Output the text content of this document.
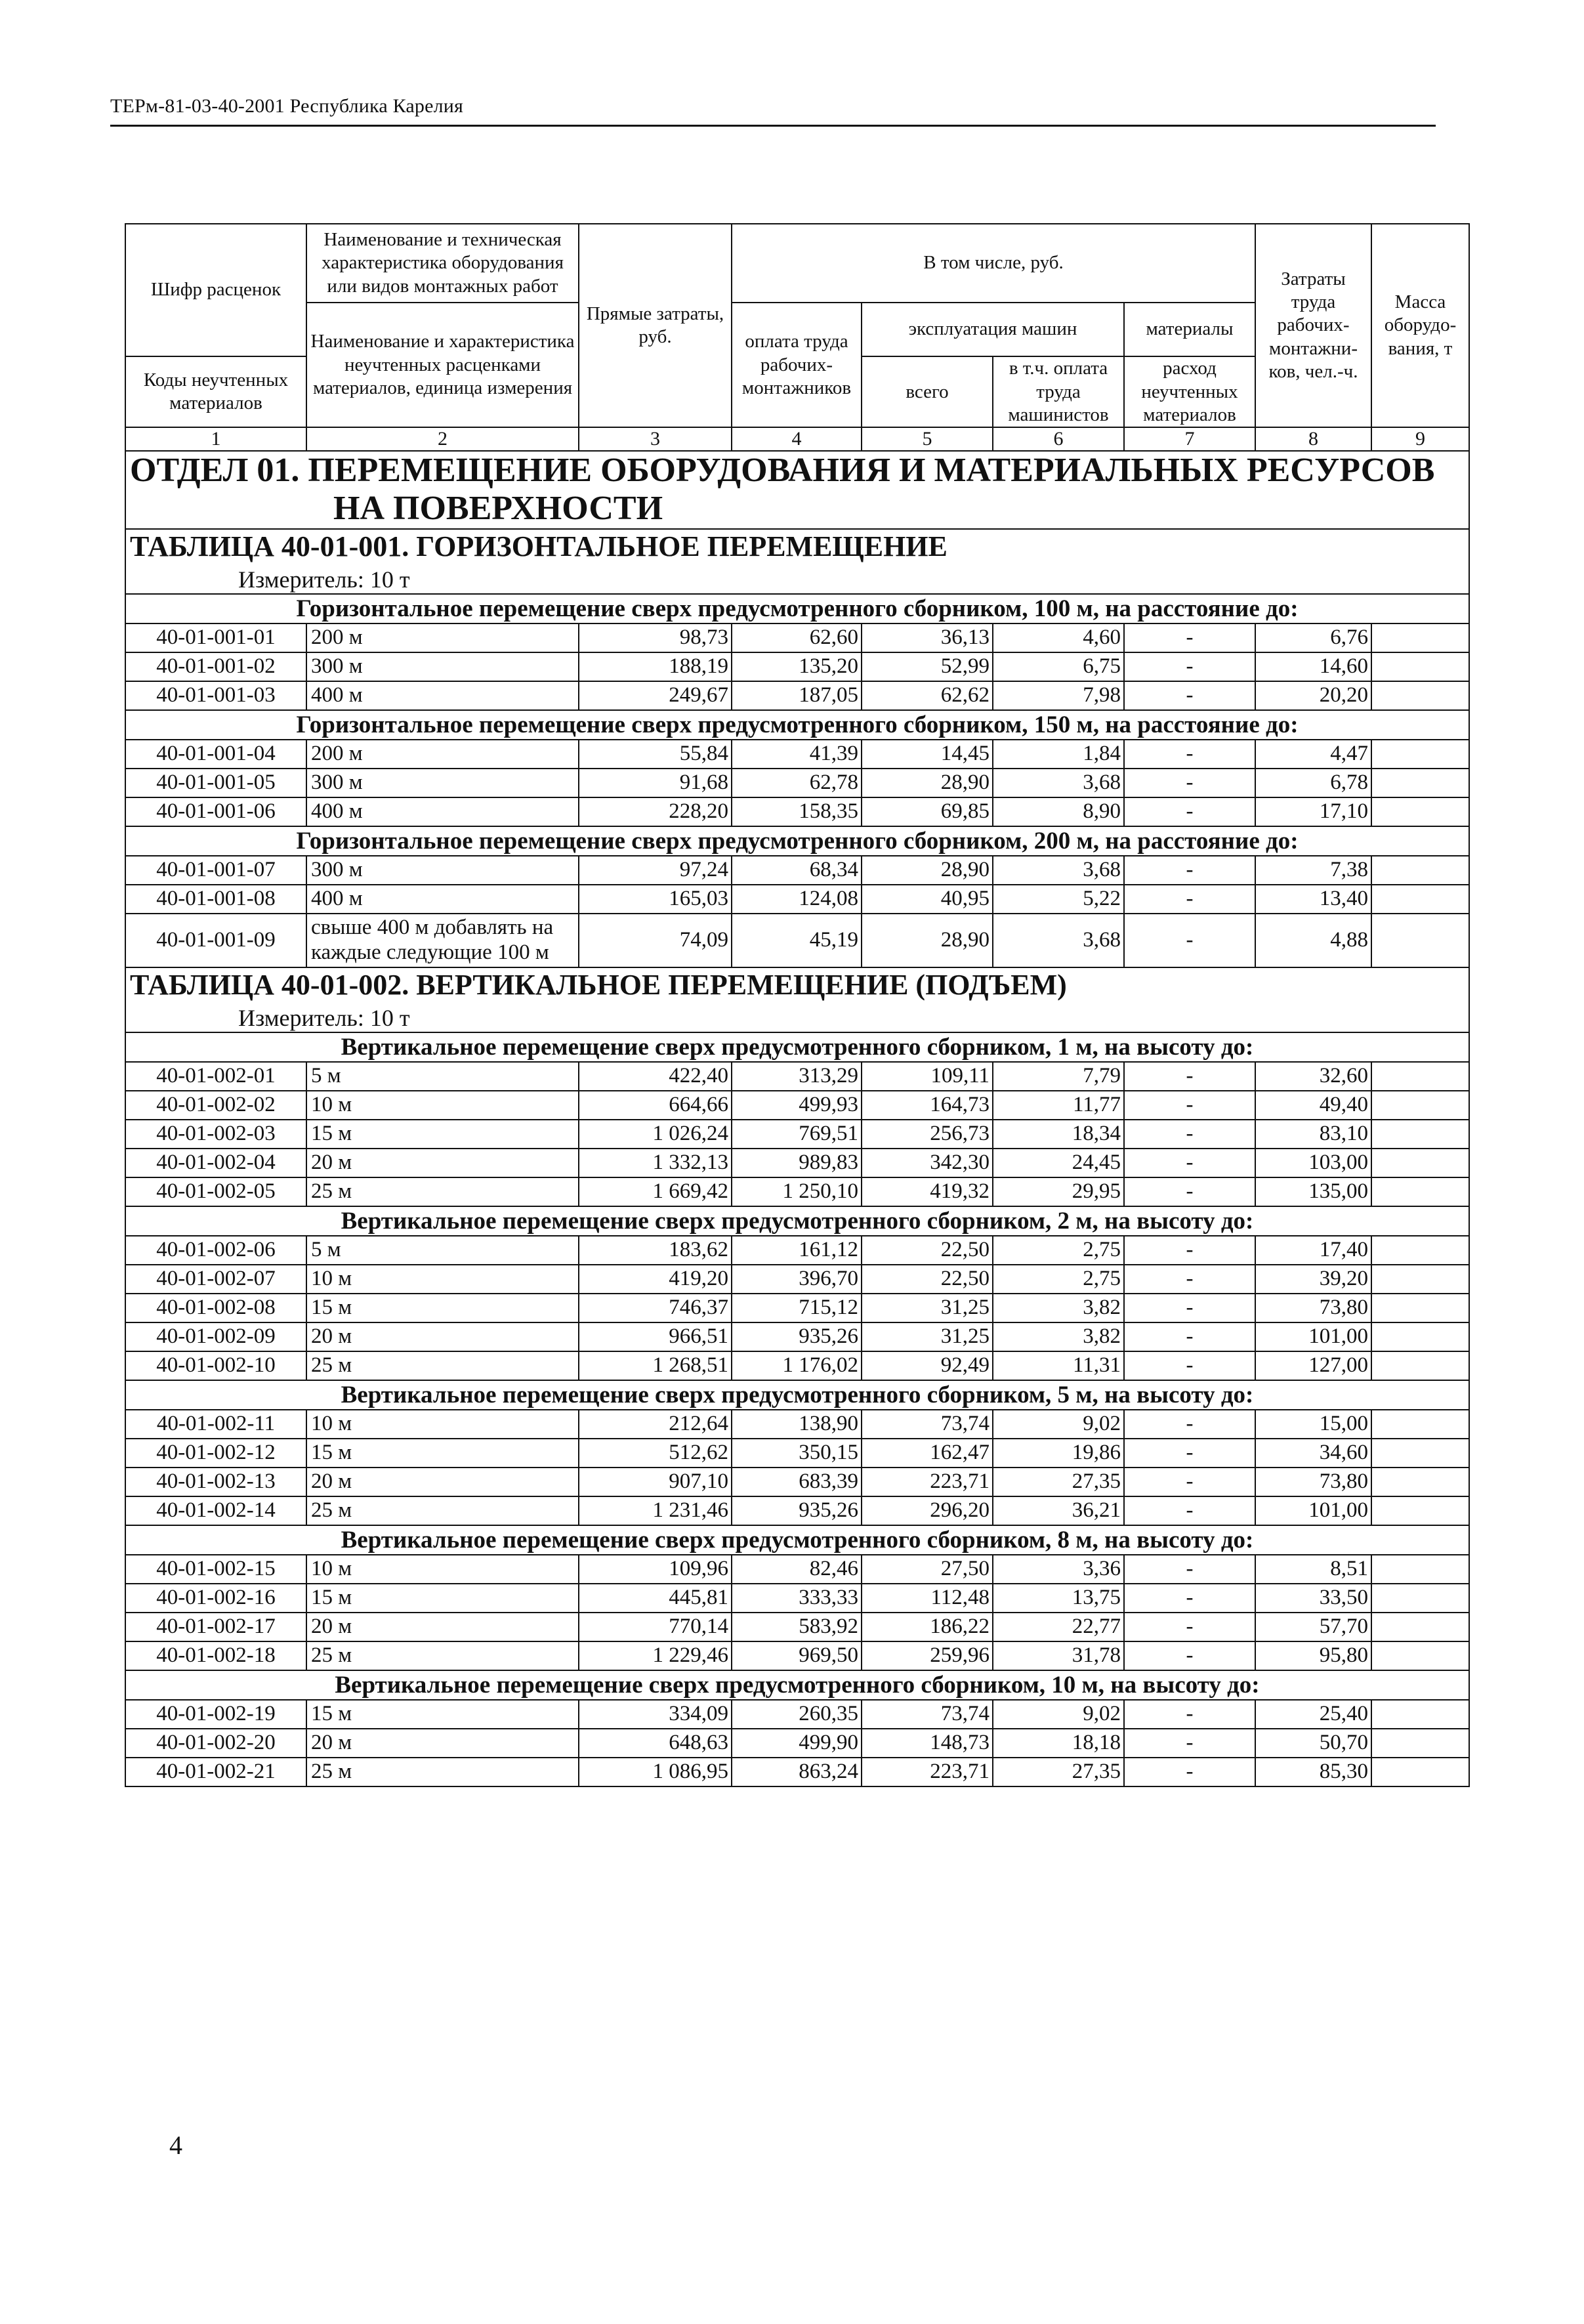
ТЕРм-81-03-40-2001 Республика Карелия
Шифр расценок	Наименование и техническая характеристика оборудования или видов монтажных работ	Прямые затраты, руб.	В том числе, руб.				Затраты труда рабочих-монтажни-ков, чел.-ч.	Масса оборудо-вания, т
	Наименование и характеристика неучтенных расценками материалов, единица измерения		оплата труда рабочих-монтажников	эксплуатация машин		материалы		
Коды неучтенных материалов				всего	в т.ч. оплата труда машинистов	расход неучтенных материалов		

1	2	3	4	5	6	7	8	9
ОТДЕЛ 01. ПЕРЕМЕЩЕНИЕ ОБОРУДОВАНИЯ И МАТЕРИАЛЬНЫХ РЕСУРСОВ
НА ПОВЕРХНОСТИ								

ТАБЛИЦА 40-01-001. ГОРИЗОНТАЛЬНОЕ ПЕРЕМЕЩЕНИЕ
Измеритель: 10 т								

Горизонтальное перемещение сверх предусмотренного сборником, 100 м, на расстояние до:								
40-01-001-01	200 м	98,73	62,60	36,13	4,60	-	6,76	
40-01-001-02	300 м	188,19	135,20	52,99	6,75	-	14,60	
40-01-001-03	400 м	249,67	187,05	62,62	7,98	-	20,20	
Горизонтальное перемещение сверх предусмотренного сборником, 150 м, на расстояние до:								
40-01-001-04	200 м	55,84	41,39	14,45	1,84	-	4,47	
40-01-001-05	300 м	91,68	62,78	28,90	3,68	-	6,78	
40-01-001-06	400 м	228,20	158,35	69,85	8,90	-	17,10	
Горизонтальное перемещение сверх предусмотренного сборником, 200 м, на расстояние до:								
40-01-001-07	300 м	97,24	68,34	28,90	3,68	-	7,38	
40-01-001-08	400 м	165,03	124,08	40,95	5,22	-	13,40	
40-01-001-09	свыше 400 м добавлять на каждые следующие 100 м	74,09	45,19	28,90	3,68	-	4,88	

ТАБЛИЦА 40-01-002. ВЕРТИКАЛЬНОЕ ПЕРЕМЕЩЕНИЕ (ПОДЪЕМ)
Измеритель: 10 т								

Вертикальное перемещение сверх предусмотренного сборником, 1 м, на высоту до:								
40-01-002-01	5 м	422,40	313,29	109,11	7,79	-	32,60	
40-01-002-02	10 м	664,66	499,93	164,73	11,77	-	49,40	
40-01-002-03	15 м	1 026,24	769,51	256,73	18,34	-	83,10	
40-01-002-04	20 м	1 332,13	989,83	342,30	24,45	-	103,00	
40-01-002-05	25 м	1 669,42	1 250,10	419,32	29,95	-	135,00	
Вертикальное перемещение сверх предусмотренного сборником, 2 м, на высоту до:								
40-01-002-06	5 м	183,62	161,12	22,50	2,75	-	17,40	
40-01-002-07	10 м	419,20	396,70	22,50	2,75	-	39,20	
40-01-002-08	15 м	746,37	715,12	31,25	3,82	-	73,80	
40-01-002-09	20 м	966,51	935,26	31,25	3,82	-	101,00	
40-01-002-10	25 м	1 268,51	1 176,02	92,49	11,31	-	127,00	
Вертикальное перемещение сверх предусмотренного сборником, 5 м, на высоту до:								
40-01-002-11	10 м	212,64	138,90	73,74	9,02	-	15,00	
40-01-002-12	15 м	512,62	350,15	162,47	19,86	-	34,60	
40-01-002-13	20 м	907,10	683,39	223,71	27,35	-	73,80	
40-01-002-14	25 м	1 231,46	935,26	296,20	36,21	-	101,00	
Вертикальное перемещение сверх предусмотренного сборником, 8 м, на высоту до:								
40-01-002-15	10 м	109,96	82,46	27,50	3,36	-	8,51	
40-01-002-16	15 м	445,81	333,33	112,48	13,75	-	33,50	
40-01-002-17	20 м	770,14	583,92	186,22	22,77	-	57,70	
40-01-002-18	25 м	1 229,46	969,50	259,96	31,78	-	95,80	
Вертикальное перемещение сверх предусмотренного сборником, 10 м, на высоту до:								
40-01-002-19	15 м	334,09	260,35	73,74	9,02	-	25,40	
40-01-002-20	20 м	648,63	499,90	148,73	18,18	-	50,70	
40-01-002-21	25 м	1 086,95	863,24	223,71	27,35	-	85,30	
4
